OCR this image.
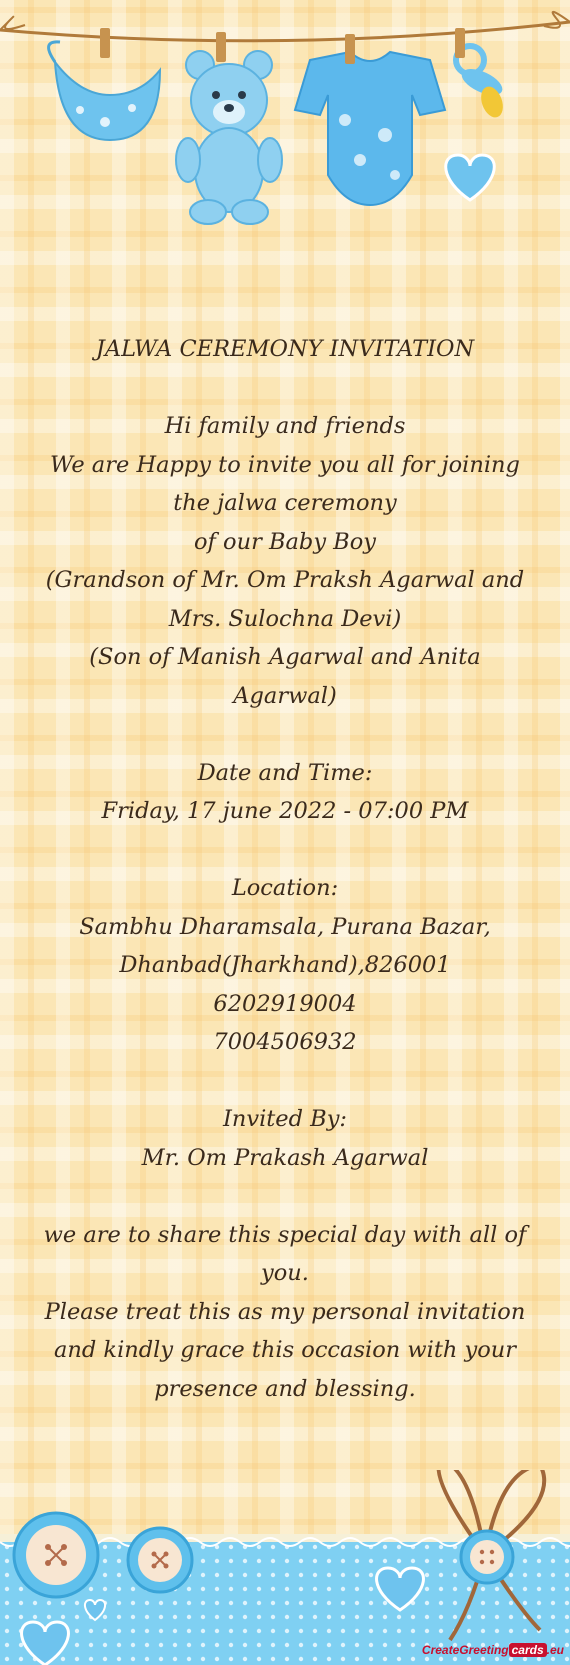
JALWA CEREMONY INVITATION
Hi family and friends
We are Happy to invite you all for joining
the jalwa ceremony
of our Baby Boy
(Grandson of Mr. Om Praksh Agarwal and
Mrs. Sulochna Devi)
(Son of Manish Agarwal and Anita
Agarwal)
Date and Time:
Friday, 17 june 2022 - 07:00 PM
Location:
Sambhu Dharamsala, Purana Bazar,
Dhanbad(Jharkhand),826001
6202919004
7004506932
Invited By:
Mr. Om Prakash Agarwal
we are to share this special day with all of
you.
Please treat this as my personal invitation
and kindly grace this occasion with your
presence and blessing.
CreateGreeting cards .eu
